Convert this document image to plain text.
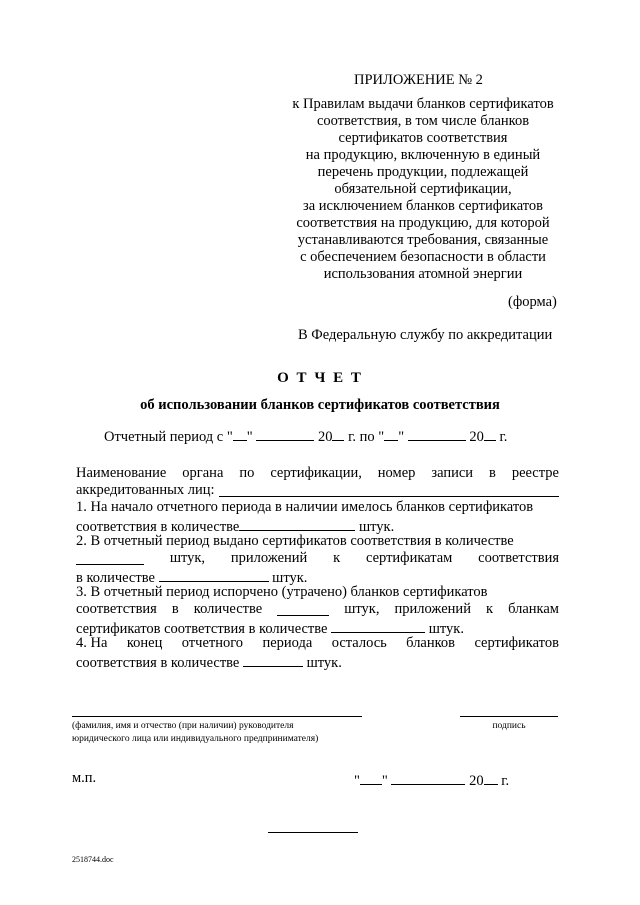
ПРИЛОЖЕНИЕ № 2
к Правилам выдачи бланков сертификатов
соответствия, в том числе бланков
сертификатов соответствия
на продукцию, включенную в единый
перечень продукции, подлежащей
обязательной сертификации,
за исключением бланков сертификатов
соответствия на продукцию, для которой
устанавливаются требования, связанные
с обеспечением безопасности в области
использования атомной энергии
(форма)
В Федеральную службу по аккредитации
О Т Ч Е Т
об использовании бланков сертификатов соответствия
Отчетный период с " "	20 г. по " "	20 г.
Наименование органа по сертификации, номер записи в реестре
аккредитованных лиц:
1. На начало отчетного периода в наличии имелось бланков сертификатов
соответствия в количестве	штук.
2. В отчетный период выдано сертификатов соответствия в количестве
штук, приложений к сертификатам соответствия
в количестве	штук.
3. В отчетный период испорчено (утрачено) бланков сертификатов
соответствия в количестве	штук, приложений к бланкам
сертификатов соответствия в количестве	штук.
4. На конец отчетного периода осталось бланков сертификатов
соответствия в количестве	штук.
(фамилия, имя и отчество (при наличии) руководителя
юридического лица или индивидуального предпринимателя)
подпись
м.п.	" "	20 г.
2518744.doc
